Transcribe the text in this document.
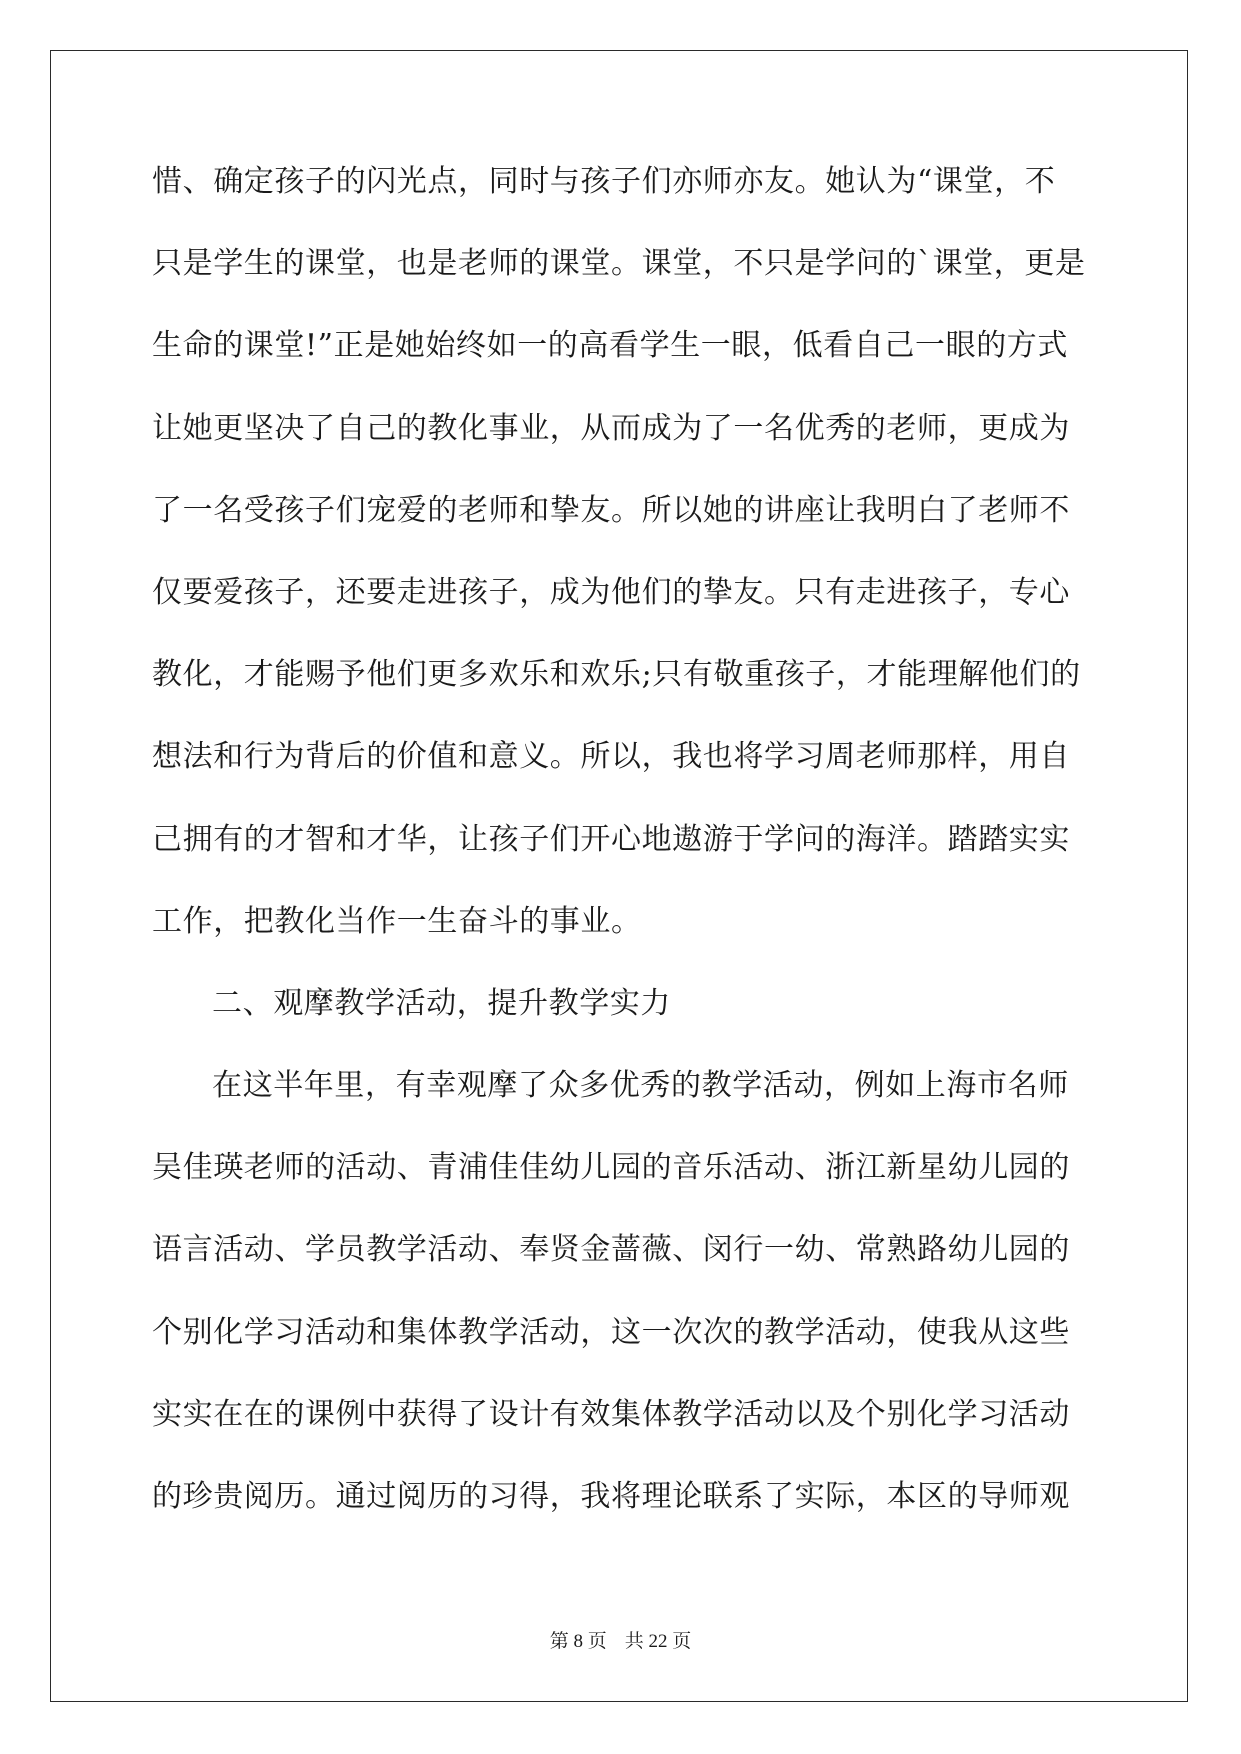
惜、确定孩子的闪光点，同时与孩子们亦师亦友。她认为“课堂，不
只是学生的课堂，也是老师的课堂。课堂，不只是学问的`课堂，更是
生命的课堂!”正是她始终如一的高看学生一眼，低看自己一眼的方式
让她更坚决了自己的教化事业，从而成为了一名优秀的老师，更成为
了一名受孩子们宠爱的老师和挚友。所以她的讲座让我明白了老师不
仅要爱孩子，还要走进孩子，成为他们的挚友。只有走进孩子，专心
教化，才能赐予他们更多欢乐和欢乐;只有敬重孩子，才能理解他们的
想法和行为背后的价值和意义。所以，我也将学习周老师那样，用自
己拥有的才智和才华，让孩子们开心地遨游于学问的海洋。踏踏实实
工作，把教化当作一生奋斗的事业。
二、观摩教学活动，提升教学实力
在这半年里，有幸观摩了众多优秀的教学活动，例如上海市名师
吴佳瑛老师的活动、青浦佳佳幼儿园的音乐活动、浙江新星幼儿园的
语言活动、学员教学活动、奉贤金蔷薇、闵行一幼、常熟路幼儿园的
个别化学习活动和集体教学活动，这一次次的教学活动，使我从这些
实实在在的课例中获得了设计有效集体教学活动以及个别化学习活动
的珍贵阅历。通过阅历的习得，我将理论联系了实际，本区的导师观
第 8 页 共 22 页
